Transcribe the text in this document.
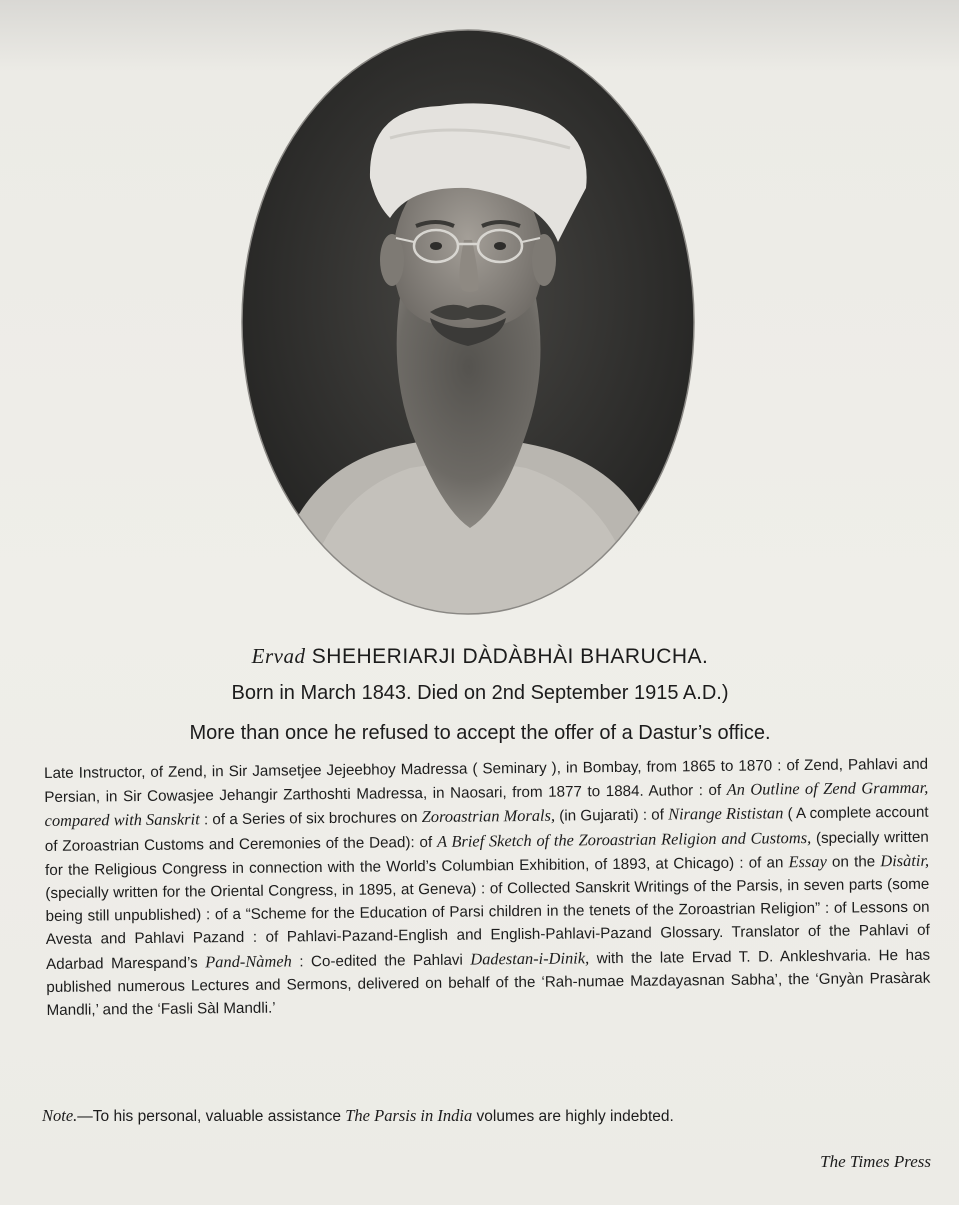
Ervad SHEHERIARJI DÀDÀBHÀI BHARUCHA.
Born in March 1843. Died on 2nd September 1915 A.D.)
More than once he refused to accept the offer of a Dastur’s office.
Late Instructor, of Zend, in Sir Jamsetjee Jejeebhoy Madressa ( Seminary ), in Bombay, from 1865 to 1870 : of Zend, Pahlavi and Persian, in Sir Cowasjee Jehangir Zarthoshti Madressa, in Naosari, from 1877 to 1884. Author : of An Outline of Zend Grammar, compared with Sanskrit : of a Series of six brochures on Zoroastrian Morals, (in Gujarati) : of Nirange Rististan ( A complete account of Zoroastrian Customs and Ceremonies of the Dead): of A Brief Sketch of the Zoroastrian Religion and Customs, (specially written for the Religious Congress in connection with the World’s Columbian Exhibition, of 1893, at Chicago) : of an Essay on the Disàtir, (specially written for the Oriental Congress, in 1895, at Geneva) : of Collected Sanskrit Writings of the Parsis, in seven parts (some being still unpublished) : of a “Scheme for the Education of Parsi children in the tenets of the Zoroastrian Religion” : of Lessons on Avesta and Pahlavi Pazand : of Pahlavi-Pazand-English and English-Pahlavi-Pazand Glossary. Translator of the Pahlavi of Adarbad Marespand’s Pand-Nàmeh : Co-edited the Pahlavi Dadestan-i-Dinik, with the late Ervad T. D. Ankleshvaria. He has published numerous Lectures and Sermons, delivered on behalf of the ‘Rah-numae Mazdayasnan Sabha’, the ‘Gnyàn Prasàrak Mandli,’ and the ‘Fasli Sàl Mandli.’
Note.—To his personal, valuable assistance The Parsis in India volumes are highly indebted.
The Times Press
